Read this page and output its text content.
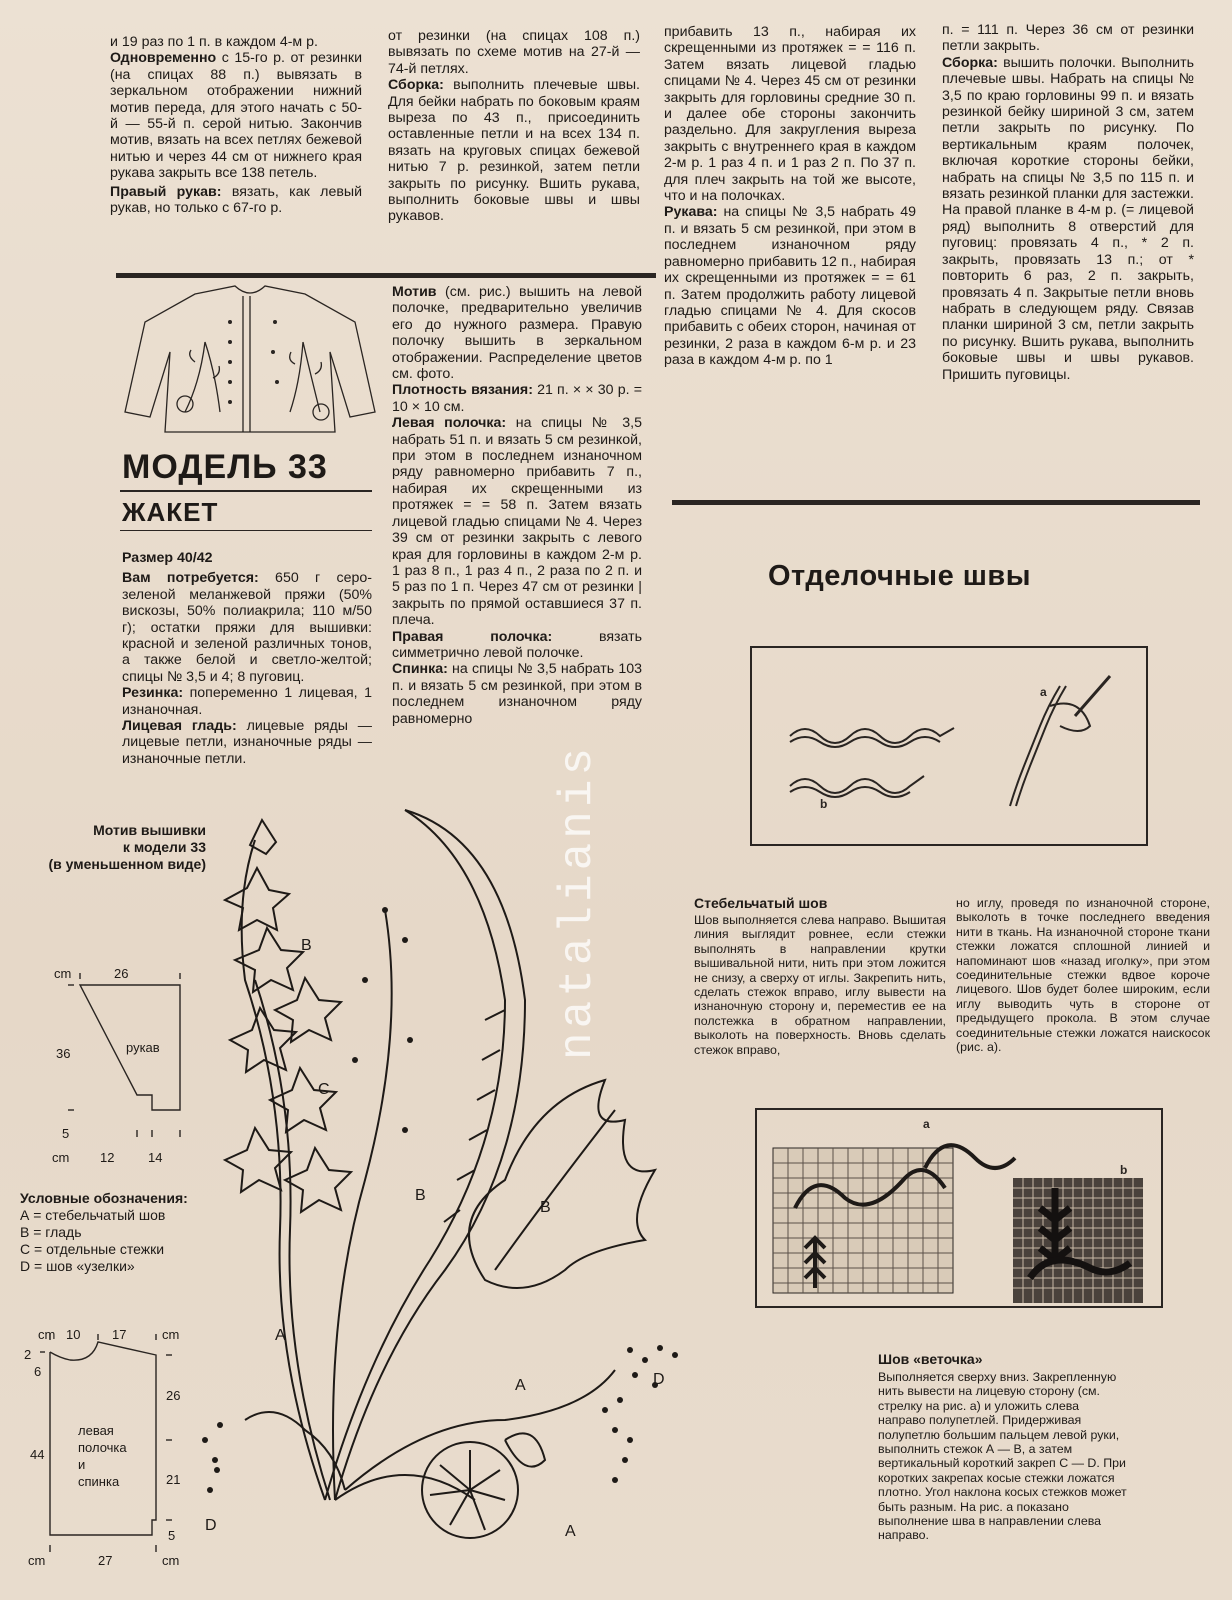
и 19 раз по 1 п. в каждом 4-м р.

Одновременно с 15-го р. от резинки (на спицах 88 п.) вывязать в зеркальном отображении нижний мотив переда, для этого начать с 50-й — 55-й п. серой нитью. Закончив мотив, вязать на всех петлях бежевой нитью и через 44 см от нижнего края рукава закрыть все 138 петель.

Правый рукав: вязать, как левый рукав, но только с 67-го р.

от резинки (на спицах 108 п.) вывязать по схеме мотив на 27-й — 74-й петлях.

Сборка: выполнить плечевые швы. Для бейки набрать по боковым краям выреза по 43 п., присоединить оставленные петли и на всех 134 п. вязать на круговых спицах бежевой нитью 7 р. резинкой, затем петли закрыть по рисунку. Вшить рукава, выполнить боковые швы и швы рукавов.

прибавить 13 п., набирая их скрещенными из протяжек = = 116 п. Затем вязать лицевой гладью спицами № 4. Через 45 см от резинки закрыть для горловины средние 30 п. и далее обе стороны закончить раздельно. Для закругления выреза закрыть с внутреннего края в каждом 2-м р. 1 раз 4 п. и 1 раз 2 п. По 37 п. для плеч закрыть на той же высоте, что и на полочках.

Рукава: на спицы № 3,5 набрать 49 п. и вязать 5 см резинкой, при этом в последнем изнаночном ряду равномерно прибавить 12 п., набирая их скрещенными из протяжек = = 61 п. Затем продолжить работу лицевой гладью спицами № 4. Для скосов прибавить с обеих сторон, начиная от резинки, 2 раза в каждом 6-м р. и 23 раза в каждом 4-м р. по 1

п. = 111 п. Через 36 см от резинки петли закрыть.

Сборка: вышить полочки. Выполнить плечевые швы. Набрать на спицы № 3,5 по краю горловины 99 п. и вязать резинкой бейку шириной 3 см, затем петли закрыть по рисунку. По вертикальным краям полочек, включая короткие стороны бейки, набрать на спицы № 3,5 по 115 п. и вязать резинкой планки для застежки. На правой планке в 4-м р. (= лицевой ряд) выполнить 8 отверстий для пуговиц: провязать 4 п., * 2 п. закрыть, провязать 13 п.; от * повторить 6 раз, 2 п. закрыть, провязать 4 п. Закрытые петли вновь набрать в следующем ряду. Связав планки шириной 3 см, петли закрыть по рисунку. Вшить рукава, выполнить боковые швы и швы рукавов. Пришить пуговицы.

МОДЕЛЬ 33
ЖАКЕТ

Размер 40/42

Вам потребуется: 650 г серо-зеленой меланжевой пряжи (50% вискозы, 50% полиакрила; 110 м/50 г); остатки пряжи для вышивки: красной и зеленой различных тонов, а также белой и светло-желтой; спицы № 3,5 и 4; 8 пуговиц.

Резинка: попеременно 1 лицевая, 1 изнаночная.

Лицевая гладь: лицевые ряды — лицевые петли, изнаночные ряды — изнаночные петли.

Мотив (см. рис.) вышить на левой полочке, предварительно увеличив его до нужного размера. Правую полочку вышить в зеркальном отображении. Распределение цветов см. фото.

Плотность вязания: 21 п. × × 30 р. = 10 × 10 см.

Левая полочка: на спицы № 3,5 набрать 51 п. и вязать 5 см резинкой, при этом в последнем изнаночном ряду равномерно прибавить 7 п., набирая их скрещенными из протяжек = = 58 п. Затем вязать лицевой гладью спицами № 4. Через 39 см от резинки закрыть с левого края для горловины в каждом 2-м р. 1 раз 8 п., 1 раз 4 п., 2 раза по 2 п. и 5 раз по 1 п. Через 47 см от резинки |закрыть по прямой оставшиеся 37 п. плеча.

Правая полочка: вязать симметрично левой полочке.

Спинка: на спицы № 3,5 набрать 103 п. и вязать 5 см резинкой, при этом в последнем изнаночном ряду равномерно

Отделочные швы
a
b
Стебельчатый шов
Шов выполняется слева направо. Вышитая линия выглядит ровнее, если стежки выполнять в направлении крутки вышивальной нити, нить при этом ложится не снизу, а сверху от иглы. Закрепить нить, сделать стежок вправо, иглу вывести на изнаночную сторону и, переместив ее на полстежка в обратном направлении, выколоть на поверхность. Вновь сделать стежок вправо,
но иглу, проведя по изнаночной стороне, выколоть в точке последнего введения нити в ткань. На изнаночной стороне ткани стежки ложатся сплошной линией и напоминают шов «назад иголку», при этом соединительные стежки вдвое короче лицевого. Шов будет более широким, если иглу выводить чуть в стороне от предыдущего прокола. В этом случае соединительные стежки ложатся наискосок (рис. а).
a
b
Шов «веточка»
Выполняется сверху вниз. Закрепленную нить вывести на лицевую сторону (см. стрелку на рис. а) и уложить слева направо полупетлей. Придерживая полупетлю большим пальцем левой руки, выполнить стежок А — В, а затем вертикальный короткий закреп С — D. При коротких закрепах косые стежки ложатся плотно. Угол наклона косых стежков может быть разным. На рис. а показано выполнение шва в направлении слева направо.
Мотив вышивки
к модели 33
(в уменьшенном виде)
cm	26
36	рукав
5
cm 12	14
Условные обозначения:
А = стебельчатый шов
В = гладь
С = отдельные стежки
D = шов «узелки»
cm 10 17	cm
2
6
26
левая
полочка
и
спинка
44
21
5
cm	27	cm
B
C
B
B
A
A	D
A
D
natalianis
